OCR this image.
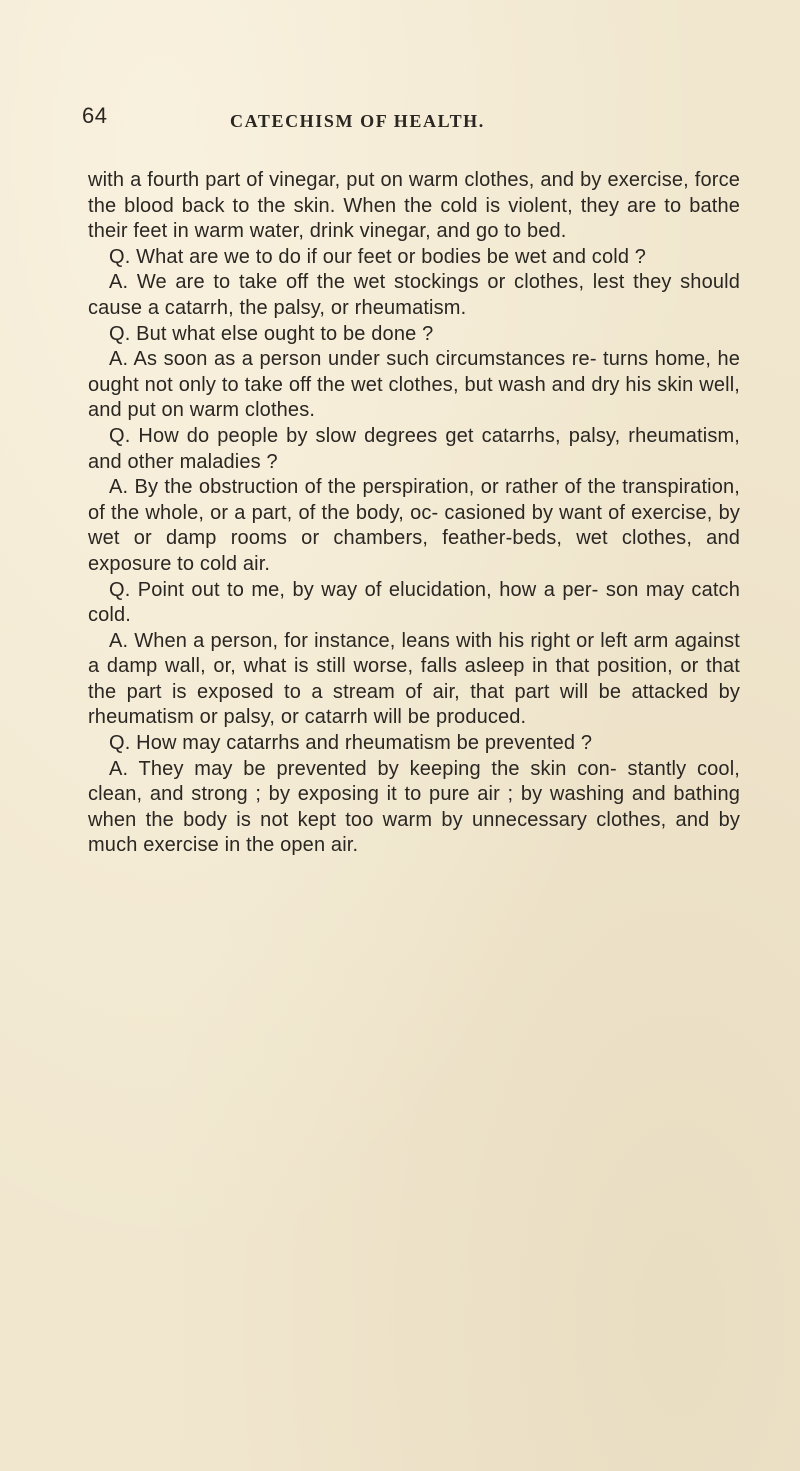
64	CATECHISM OF HEALTH.

with a fourth part of vinegar, put on warm clothes, and by exercise, force the blood back to the skin. When the cold is violent, they are to bathe their feet in warm water, drink vinegar, and go to bed.

Q. What are we to do if our feet or bodies be wet and cold ?

A. We are to take off the wet stockings or clothes, lest they should cause a catarrh, the palsy, or rheumatism.

Q. But what else ought to be done ?

A. As soon as a person under such circumstances re- turns home, he ought not only to take off the wet clothes, but wash and dry his skin well, and put on warm clothes.

Q. How do people by slow degrees get catarrhs, palsy, rheumatism, and other maladies ?

A. By the obstruction of the perspiration, or rather of the transpiration, of the whole, or a part, of the body, oc- casioned by want of exercise, by wet or damp rooms or chambers, feather-beds, wet clothes, and exposure to cold air.

Q. Point out to me, by way of elucidation, how a per- son may catch cold.

A. When a person, for instance, leans with his right or left arm against a damp wall, or, what is still worse, falls asleep in that position, or that the part is exposed to a stream of air, that part will be attacked by rheumatism or palsy, or catarrh will be produced.

Q. How may catarrhs and rheumatism be prevented ?

A. They may be prevented by keeping the skin con- stantly cool, clean, and strong ; by exposing it to pure air ; by washing and bathing when the body is not kept too warm by unnecessary clothes, and by much exercise in the open air.
